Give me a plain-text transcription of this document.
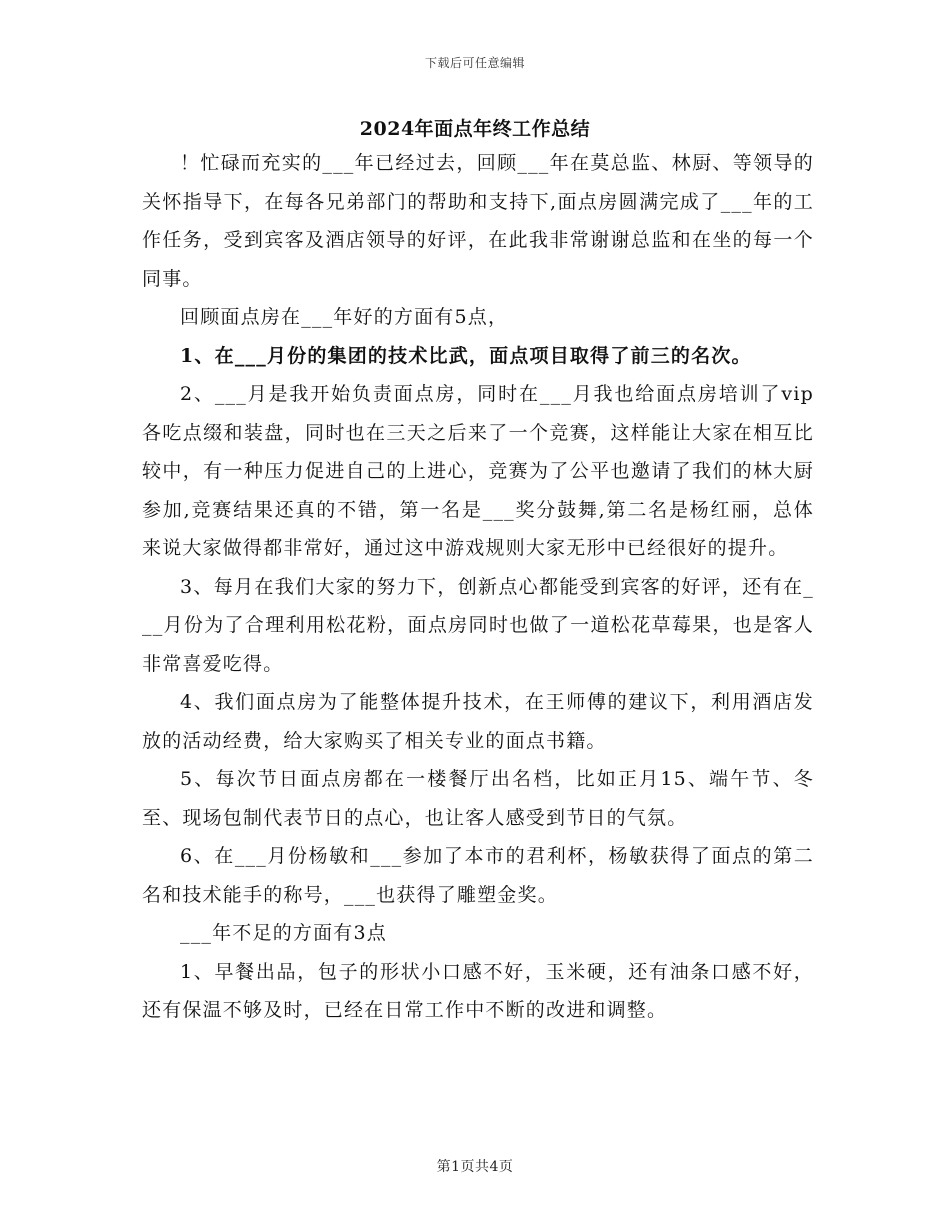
下载后可任意编辑
2024年面点年终工作总结

！忙碌而充实的___年已经过去，回顾___年在莫总监、林厨、等领导的关怀指导下，在每各兄弟部门的帮助和支持下,面点房圆满完成了___年的工作任务，受到宾客及酒店领导的好评，在此我非常谢谢总监和在坐的每一个同事。

回顾面点房在___年好的方面有5点，

1、在___月份的集团的技术比武，面点项目取得了前三的名次。

2、___月是我开始负责面点房，同时在___月我也给面点房培训了vip各吃点缀和装盘，同时也在三天之后来了一个竞赛，这样能让大家在相互比较中，有一种压力促进自己的上进心，竞赛为了公平也邀请了我们的林大厨参加,竞赛结果还真的不错，第一名是___奖分鼓舞,第二名是杨红丽，总体来说大家做得都非常好，通过这中游戏规则大家无形中已经很好的提升。

3、每月在我们大家的努力下，创新点心都能受到宾客的好评，还有在___月份为了合理利用松花粉，面点房同时也做了一道松花草莓果，也是客人非常喜爱吃得。

4、我们面点房为了能整体提升技术，在王师傅的建议下，利用酒店发放的活动经费，给大家购买了相关专业的面点书籍。

5、每次节日面点房都在一楼餐厅出名档，比如正月15、端午节、冬至、现场包制代表节日的点心，也让客人感受到节日的气氛。

6、在___月份杨敏和___参加了本市的君利杯，杨敏获得了面点的第二名和技术能手的称号，___也获得了雕塑金奖。

___年不足的方面有3点

1、早餐出品，包子的形状小口感不好，玉米硬，还有油条口感不好，还有保温不够及时，已经在日常工作中不断的改进和调整。

第1页共4页
